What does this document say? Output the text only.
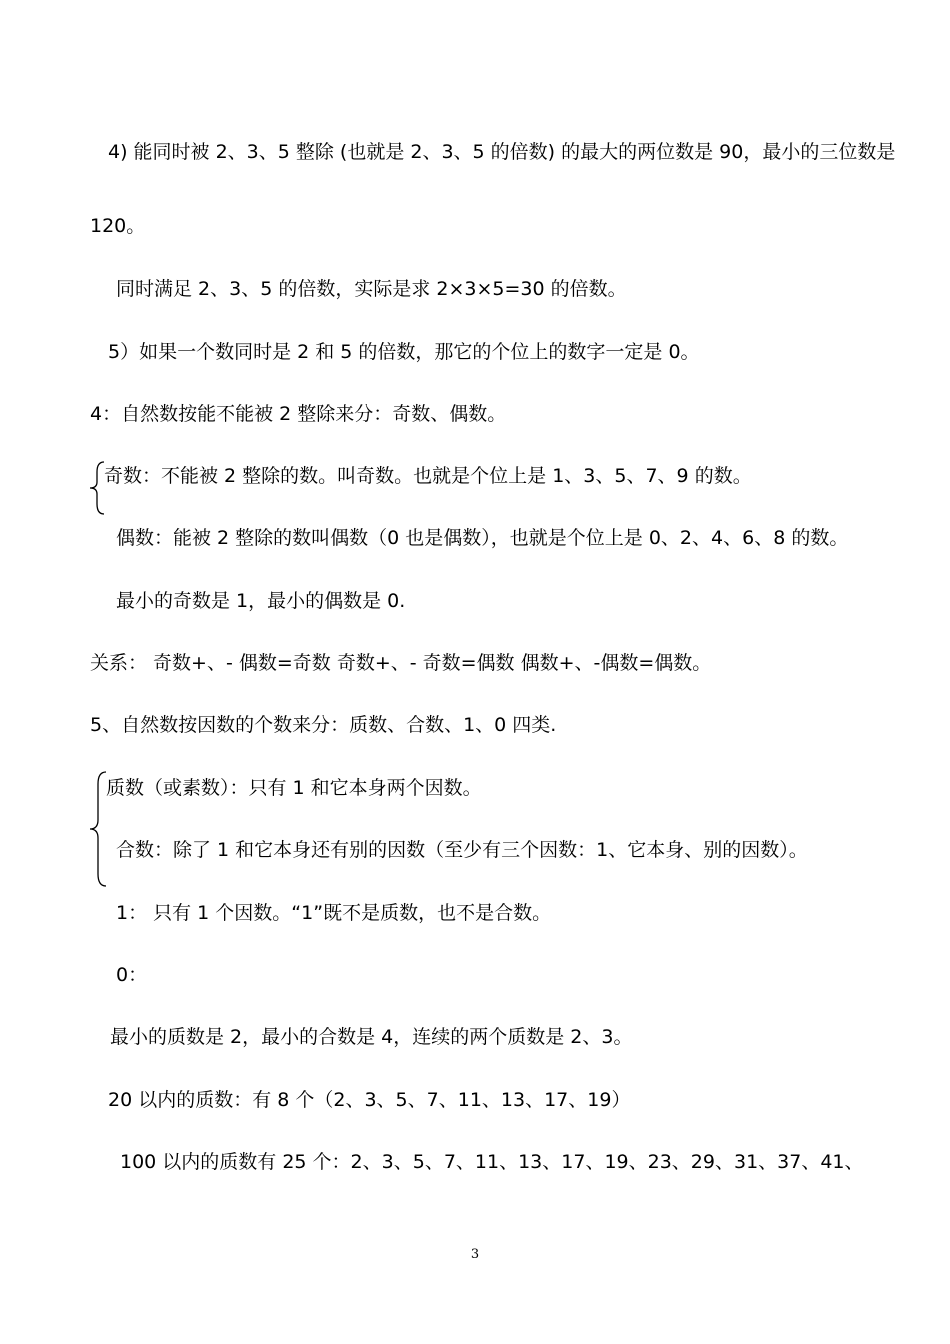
4) 能同时被 2、3、5 整除 (也就是 2、3、5 的倍数) 的最大的两位数是 90，最小的三位数是
120。
同时满足 2、3、5 的倍数，实际是求 2×3×5=30 的倍数。
5）如果一个数同时是 2 和 5 的倍数，那它的个位上的数字一定是 0。
4：自然数按能不能被 2 整除来分：奇数、偶数。
奇数：不能被 2 整除的数。叫奇数。也就是个位上是 1、3、5、7、9 的数。
偶数：能被 2 整除的数叫偶数（0 也是偶数），也就是个位上是 0、2、4、6、8 的数。
最小的奇数是 1，最小的偶数是 0.
关系： 奇数+、- 偶数=奇数 奇数+、- 奇数=偶数 偶数+、-偶数=偶数。
5、自然数按因数的个数来分：质数、合数、1、0 四类.
质数（或素数）：只有 1 和它本身两个因数。
合数：除了 1 和它本身还有别的因数（至少有三个因数：1、它本身、别的因数）。
1： 只有 1 个因数。“1”既不是质数，也不是合数。
0：
最小的质数是 2，最小的合数是 4，连续的两个质数是 2、3。
20 以内的质数：有 8 个（2、3、5、7、11、13、17、19）
100 以内的质数有 25 个：2、3、5、7、11、13、17、19、23、29、31、37、41、
3
